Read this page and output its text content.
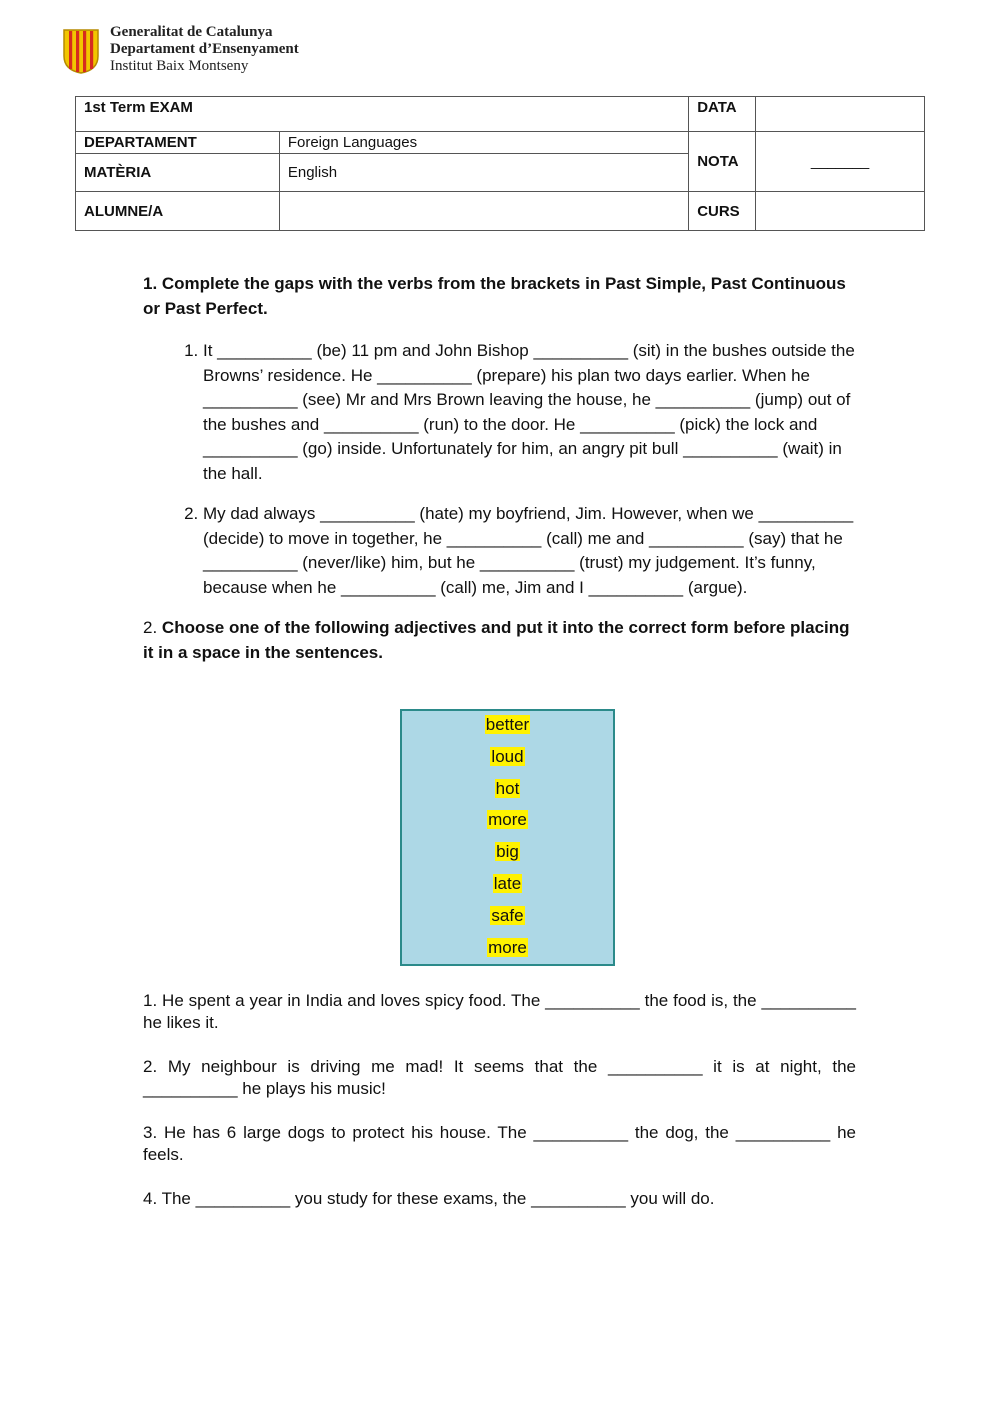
Generalitat de Catalunya
Departament d’Ensenyament
Institut Baix Montseny
1st Term EXAM		DATA	
DEPARTAMENT	Foreign Languages	NOTA	_______
MATÈRIA	English		
ALUMNE/A		CURS	

1. Complete the gaps with the verbs from the brackets in Past Simple, Past Continuous or Past Perfect.

1. It __________ (be) 11 pm and John Bishop __________ (sit) in the bushes outside the Browns’ residence. He __________ (prepare) his plan two days earlier. When he __________ (see) Mr and Mrs Brown leaving the house, he __________ (jump) out of the bushes and __________ (run) to the door. He __________ (pick) the lock and __________ (go) inside. Unfortunately for him, an angry pit bull __________ (wait) in the hall.
2. My dad always __________ (hate) my boyfriend, Jim. However, when we __________ (decide) to move in together, he __________ (call) me and __________ (say) that he __________ (never/like) him, but he __________ (trust) my judgement. It’s funny, because when he __________ (call) me, Jim and I __________ (argue).

2. Choose one of the following adjectives and put it into the correct form before placing it in a space in the sentences.

better
loud
hot
more
big
late
safe
more

1. He spent a year in India and loves spicy food. The __________ the food is, the __________ he likes it.

2. My neighbour is driving me mad! It seems that the __________ it is at night, the __________ he plays his music!

3. He has 6 large dogs to protect his house. The __________ the dog, the __________ he feels.

4. The __________ you study for these exams, the __________ you will do.
